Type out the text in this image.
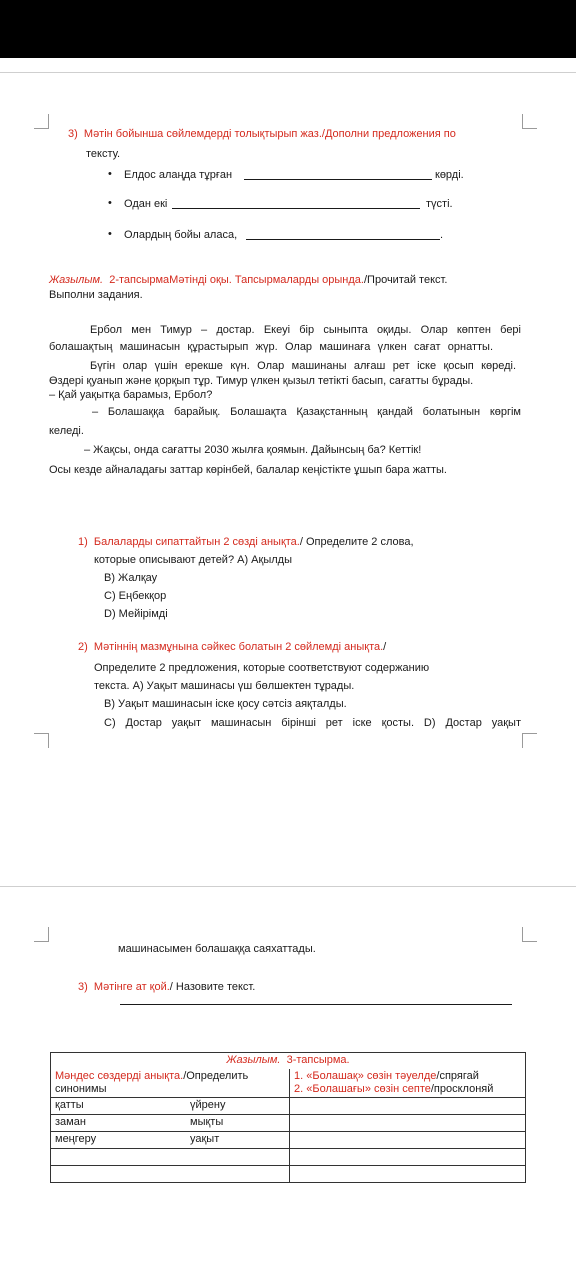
3) Мәтін бойынша сөйлемдерді толықтырып жаз./Дополни предложения по
тексту.
• Елдос алаңда тұрған	көрді.
• Одан екі	түсті.
• Олардың бойы аласа,	.
Жазылым. 2-тапсырмаМәтінді оқы. Тапсырмаларды орында./Прочитай текст.
Выполни задания.
Ербол мен Тимур – достар. Екеуі бір сыныпта оқиды. Олар көптен бері
болашақтың машинасын құрастырып жүр. Олар машинаға үлкен сағат орнатты.
Бүгін олар үшін ерекше күн. Олар машинаны алғаш рет іске қосып көреді.
Өздері қуанып және қорқып тұр. Тимур үлкен қызыл тетікті басып, сағатты бұрады.
– Қай уақытқа барамыз, Ербол?
– Болашаққа барайық. Болашақта Қазақстанның қандай болатынын көргім
келеді.
– Жақсы, онда сағатты 2030 жылға қоямын. Дайынсың ба? Кеттік!
Осы кезде айналадағы заттар көрінбей, балалар кеңістікте ұшып бара жатты.
1) Балаларды сипаттайтын 2 сөзді анықта./ Определите 2 слова,
которые описывают детей? А) Ақылды
В) Жалқау
С) Еңбекқор
D) Мейірімді
2) Мәтіннің мазмұнына сәйкес болатын 2 сөйлемді анықта./
Определите 2 предложения, которые соответствуют содержанию
текста. А) Уақыт машинасы үш бөлшектен тұрады.
В) Уақыт машинасын іске қосу сәтсіз аяқталды.
С) Достар уақыт машинасын бірінші рет іске қосты. D) Достар уақыт
машинасымен болашаққа саяхаттады.
3) Мәтінге ат қой./ Назовите текст.
Жазылым. 3-тапсырма.	
Мәндес сөздерді анықта./Определить синонимы	1. «Болашақ» сөзін тәуелде/спрягай
2. «Болашағы» сөзін септе/просклоняй

қатты үйрену	
заман мықты	
меңгеру уақыт	
